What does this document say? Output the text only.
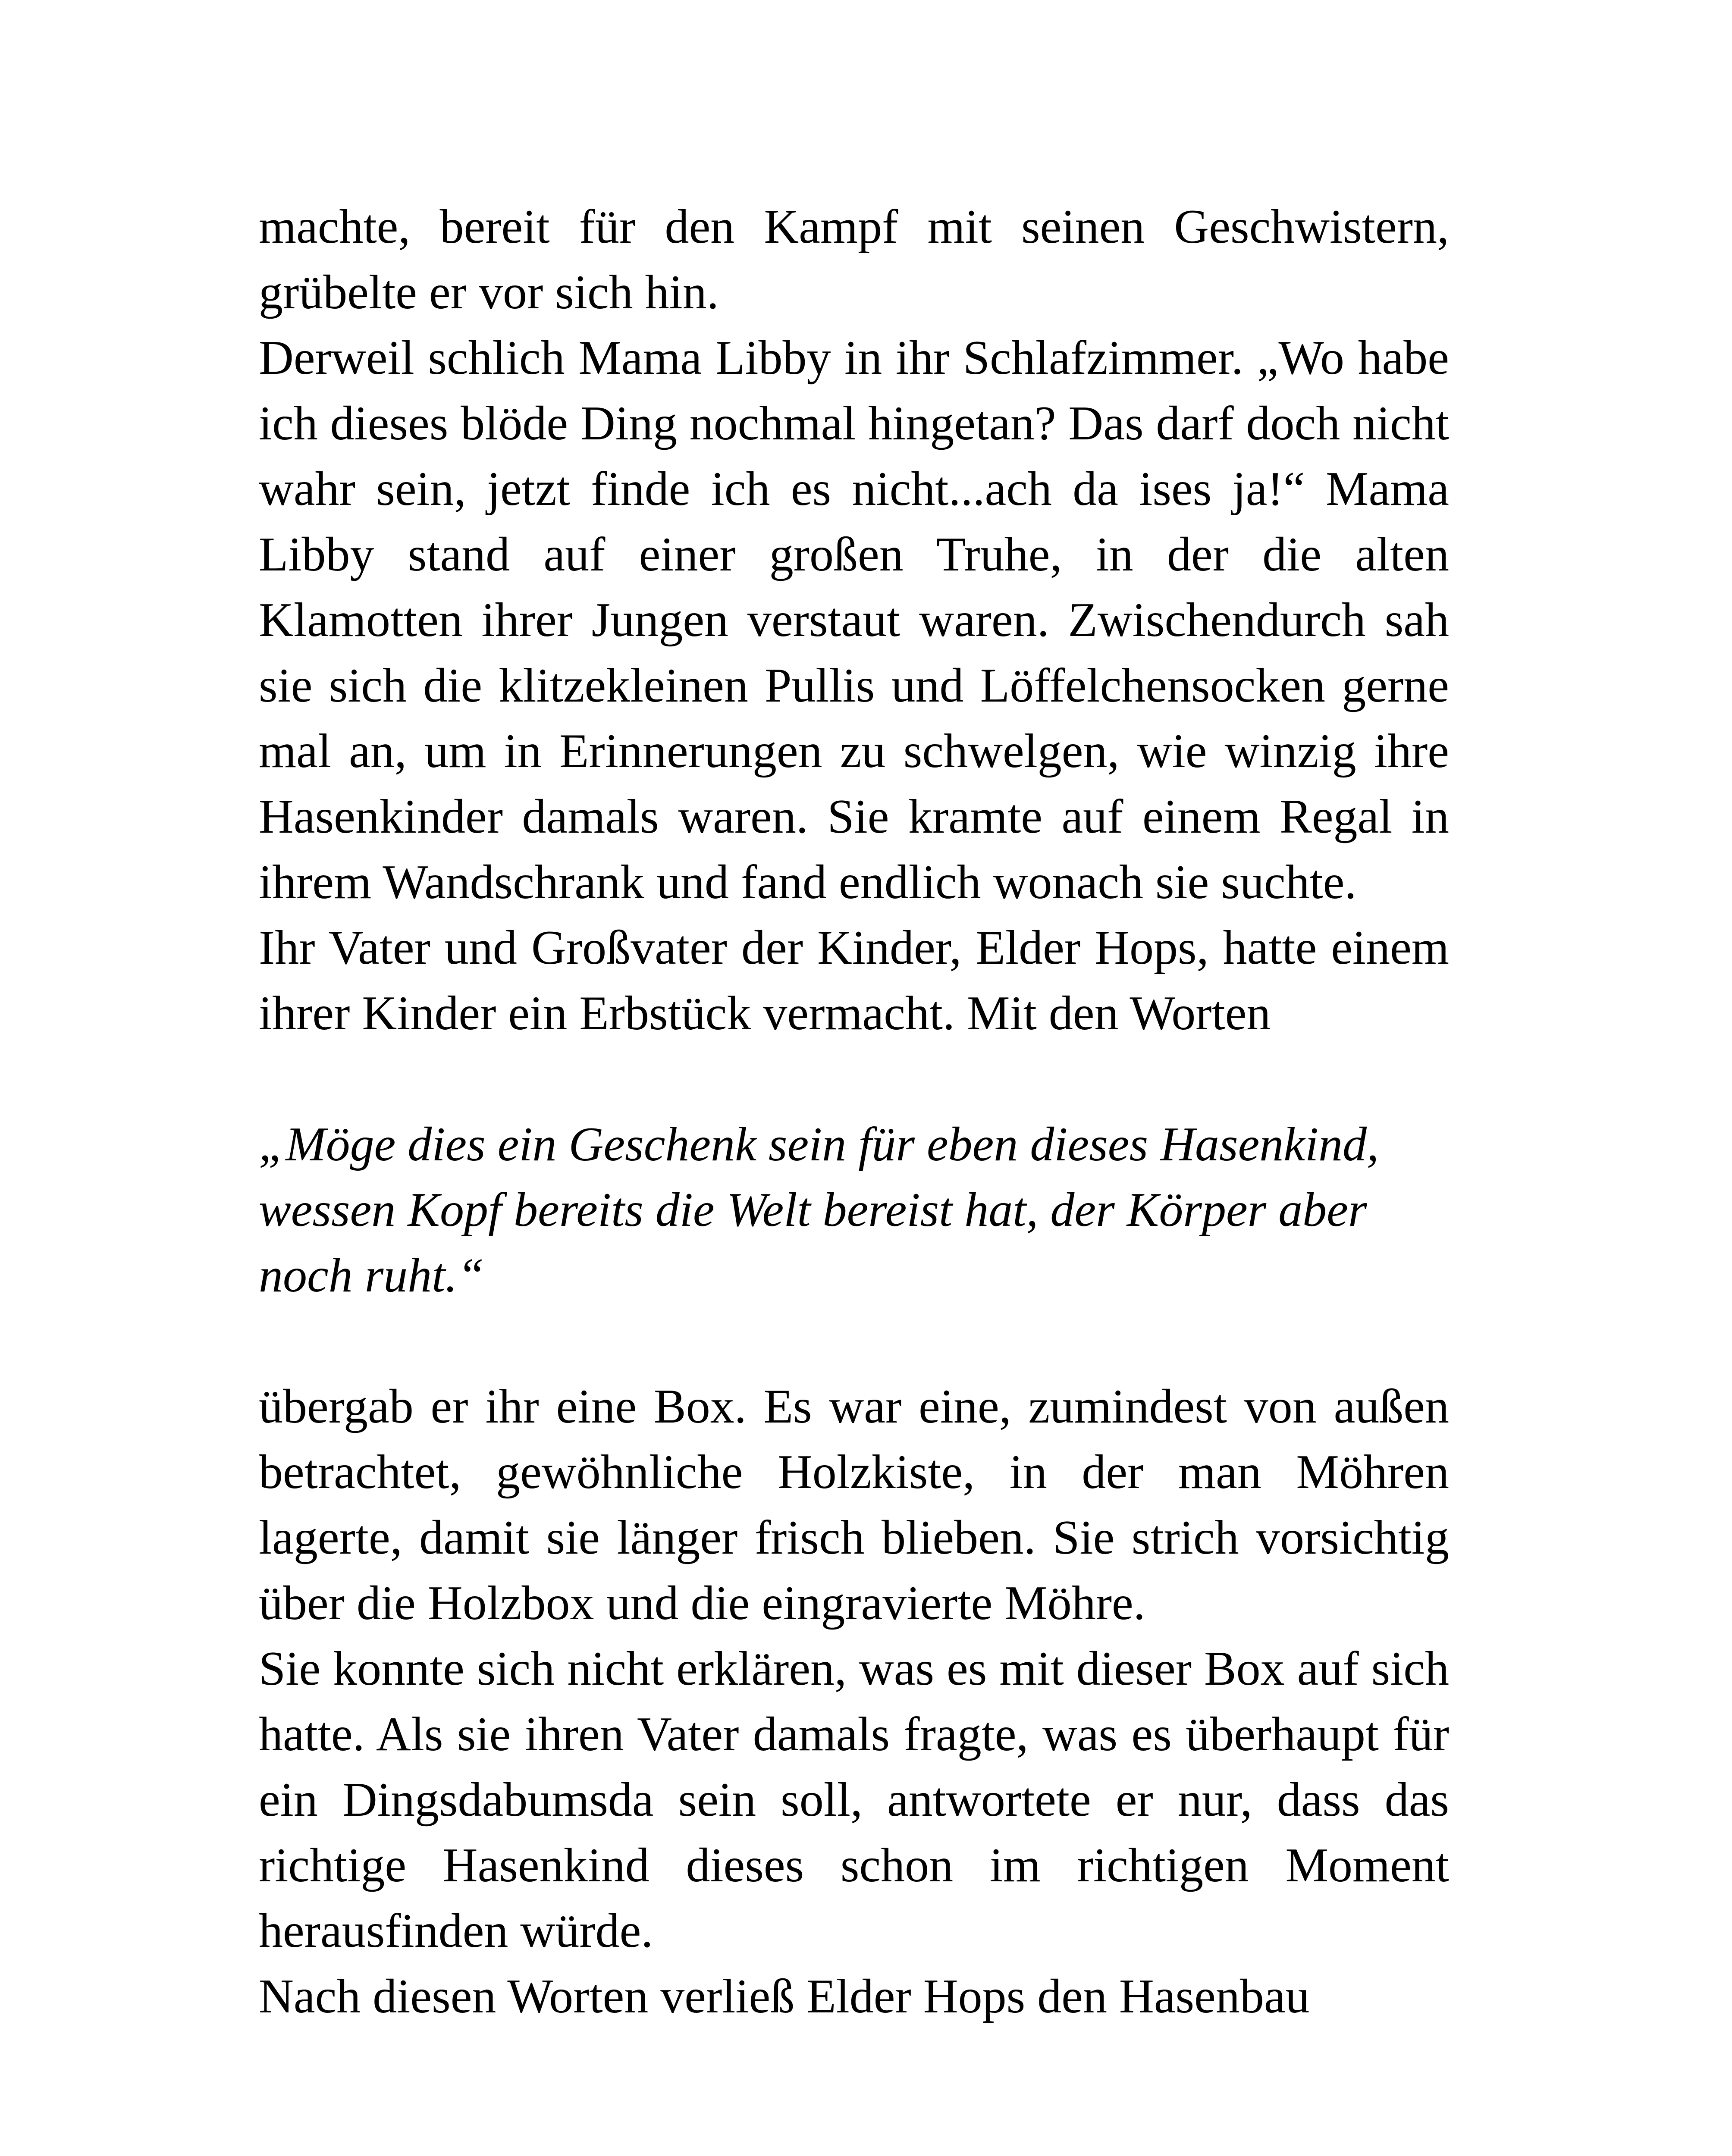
machte, bereit für den Kampf mit seinen Geschwistern, grübelte er vor sich hin.

Derweil schlich Mama Libby in ihr Schlafzimmer. „Wo habe ich dieses blöde Ding nochmal hingetan? Das darf doch nicht wahr sein, jetzt finde ich es nicht...ach da ises ja!“ Mama Libby stand auf einer großen Truhe, in der die alten Klamotten ihrer Jungen verstaut waren. Zwischendurch sah sie sich die klitzekleinen Pullis und Löffelchensocken gerne mal an, um in Erinnerungen zu schwelgen, wie winzig ihre Hasenkinder damals waren. Sie kramte auf einem Regal in ihrem Wandschrank und fand endlich wonach sie suchte.

Ihr Vater und Großvater der Kinder, Elder Hops, hatte einem ihrer Kinder ein Erbstück vermacht. Mit den Worten

„Möge dies ein Geschenk sein für eben dieses Hasenkind, wessen Kopf bereits die Welt bereist hat, der Körper aber noch ruht.“

übergab er ihr eine Box. Es war eine, zumindest von außen betrachtet, gewöhnliche Holzkiste, in der man Möhren lagerte, damit sie länger frisch blieben. Sie strich vorsichtig über die Holzbox und die eingravierte Möhre.

Sie konnte sich nicht erklären, was es mit dieser Box auf sich hatte. Als sie ihren Vater damals fragte, was es überhaupt für ein Dingsdabumsda sein soll, antwortete er nur, dass das richtige Hasenkind dieses schon im richtigen Moment herausfinden würde.

Nach diesen Worten verließ Elder Hops den Hasenbau
